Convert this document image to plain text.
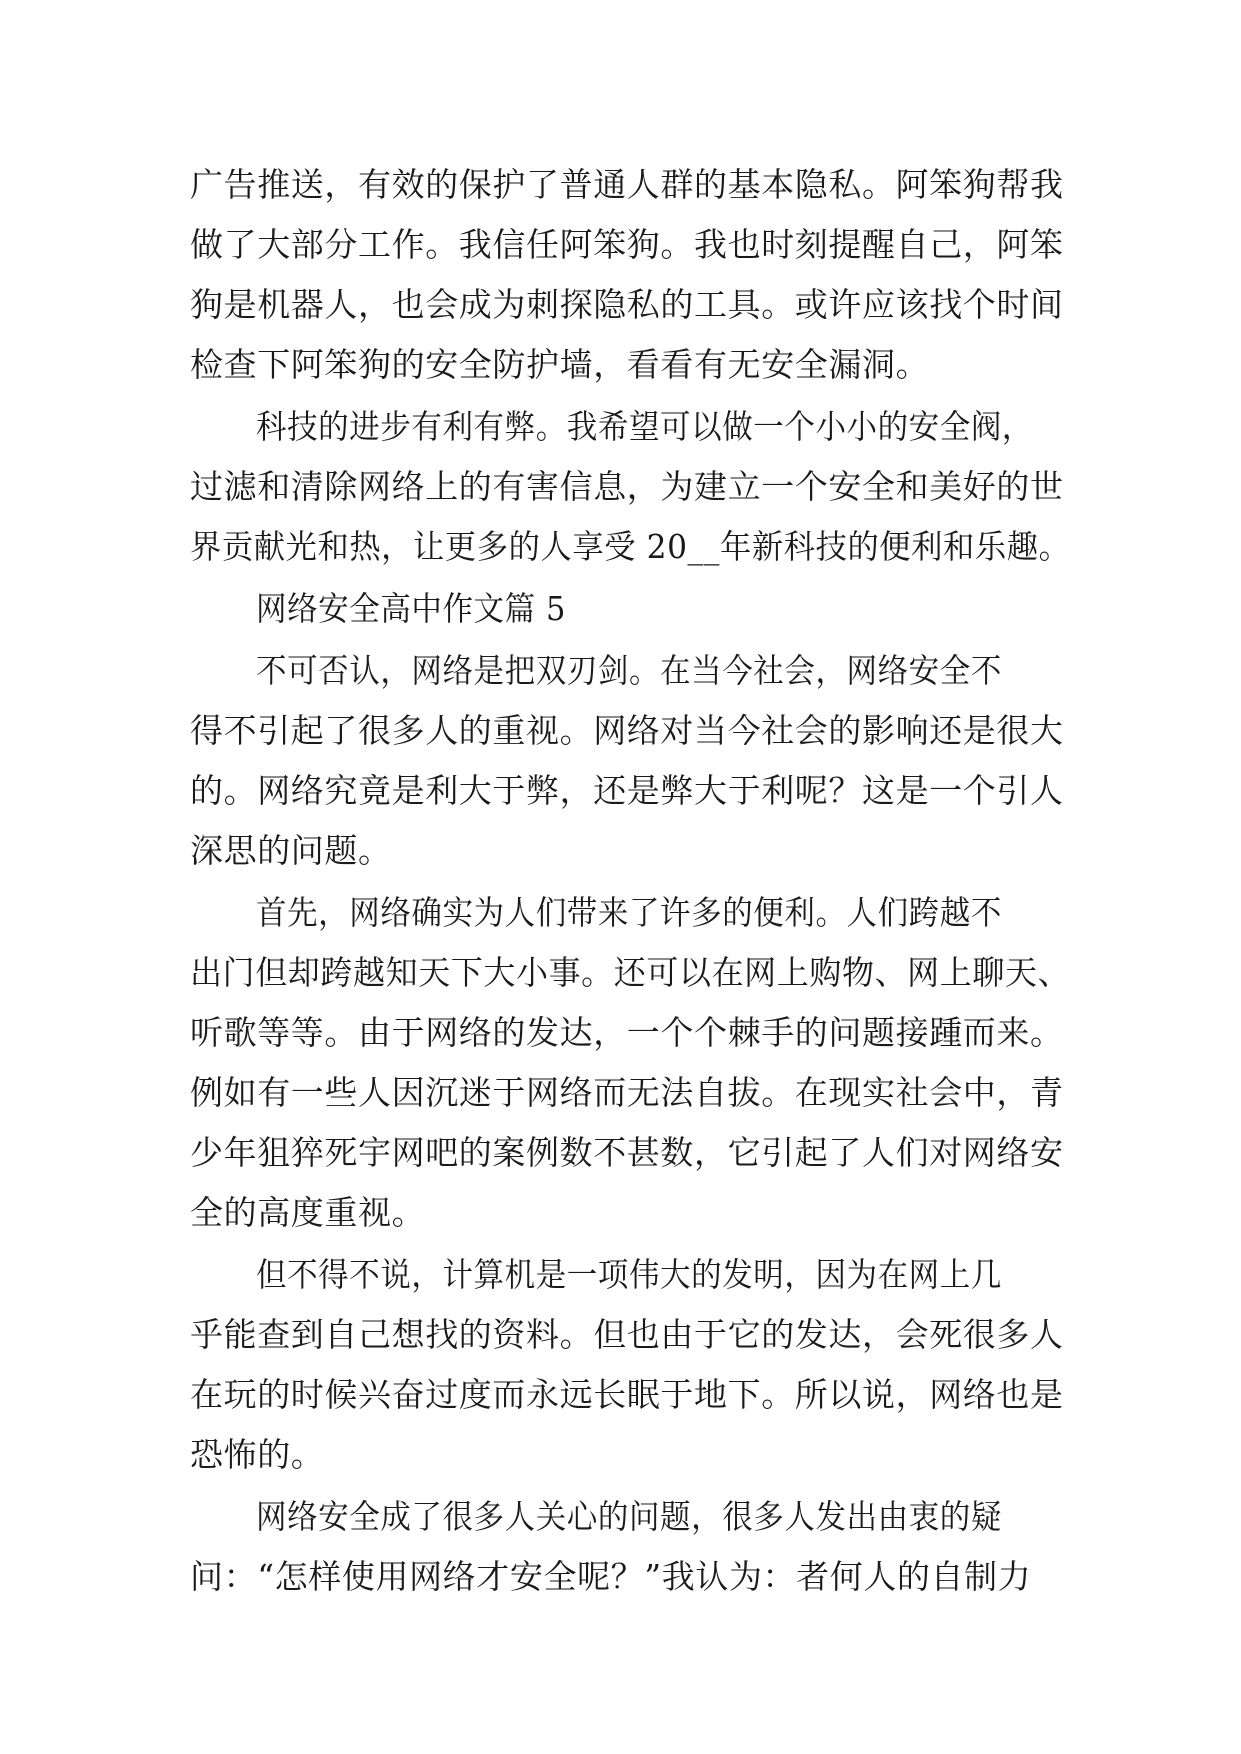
广告推送，有效的保护了普通人群的基本隐私。阿笨狗帮我
做了大部分工作。我信任阿笨狗。我也时刻提醒自己，阿笨
狗是机器人，也会成为刺探隐私的工具。或许应该找个时间
检查下阿笨狗的安全防护墙，看看有无安全漏洞。
科技的进步有利有弊。我希望可以做一个小小的安全阀，
过滤和清除网络上的有害信息，为建立一个安全和美好的世
界贡献光和热，让更多的人享受 20__年新科技的便利和乐趣。
网络安全高中作文篇 5
不可否认，网络是把双刃剑。在当今社会，网络安全不
得不引起了很多人的重视。网络对当今社会的影响还是很大
的。网络究竟是利大于弊，还是弊大于利呢？这是一个引人
深思的问题。
首先，网络确实为人们带来了许多的便利。人们跨越不
出门但却跨越知天下大小事。还可以在网上购物、网上聊天、
听歌等等。由于网络的发达，一个个棘手的问题接踵而来。
例如有一些人因沉迷于网络而无法自拔。在现实社会中，青
少年狙猝死宇网吧的案例数不甚数，它引起了人们对网络安
全的高度重视。
但不得不说，计算机是一项伟大的发明，因为在网上几
乎能查到自己想找的资料。但也由于它的发达，会死很多人
在玩的时候兴奋过度而永远长眠于地下。所以说，网络也是
恐怖的。
网络安全成了很多人关心的问题，很多人发出由衷的疑
问：“怎样使用网络才安全呢？”我认为：者何人的自制力
